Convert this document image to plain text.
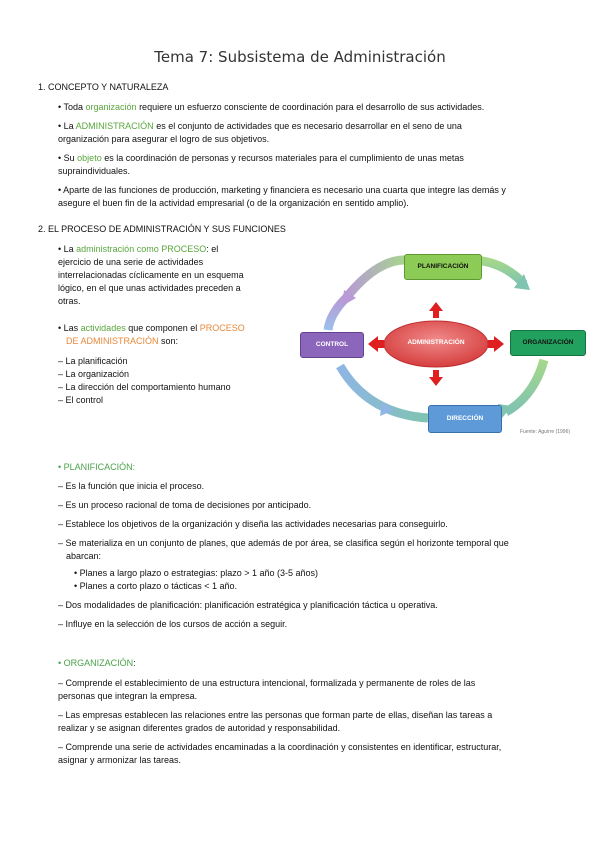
Tema 7: Subsistema de Administración
1. CONCEPTO Y NATURALEZA
• Toda organización requiere un esfuerzo consciente de coordinación para el desarrollo de sus actividades.
• La ADMINISTRACIÓN es el conjunto de actividades que es necesario desarrollar en el seno de una
organización para asegurar el logro de sus objetivos.
• Su objeto es la coordinación de personas y recursos materiales para el cumplimiento de unas metas
supraindividuales.
• Aparte de las funciones de producción, marketing y financiera es necesario una cuarta que integre las demás y
asegure el buen fin de la actividad empresarial (o de la organización en sentido amplio).
2. EL PROCESO DE ADMINISTRACIÓN Y SUS FUNCIONES
• La administración como PROCESO: el
ejercicio de una serie de actividades
interrelacionadas cíclicamente en un esquema
lógico, en el que unas actividades preceden a
otras.
• Las actividades que componen el PROCESO
DE ADMINISTRACIÓN son:
– La planificación
– La organización
– La dirección del comportamiento humano
– El control
ADMINISTRACIÓN
PLANIFICACIÓN
ORGANIZACIÓN
DIRECCIÓN
CONTROL
Fuente: Aguirre (1996)
• PLANIFICACIÓN:
– Es la función que inicia el proceso.
– Es un proceso racional de toma de decisiones por anticipado.
– Establece los objetivos de la organización y diseña las actividades necesarias para conseguirlo.
– Se materializa en un conjunto de planes, que además de por área, se clasifica según el horizonte temporal que
abarcan:
• Planes a largo plazo o estrategias: plazo > 1 año (3-5 años)
• Planes a corto plazo o tácticas < 1 año.
– Dos modalidades de planificación: planificación estratégica y planificación táctica u operativa.
– Influye en la selección de los cursos de acción a seguir.
• ORGANIZACIÓN:
– Comprende el establecimiento de una estructura intencional, formalizada y permanente de roles de las
personas que integran la empresa.
– Las empresas establecen las relaciones entre las personas que forman parte de ellas, diseñan las tareas a
realizar y se asignan diferentes grados de autoridad y responsabilidad.
– Comprende una serie de actividades encaminadas a la coordinación y consistentes en identificar, estructurar,
asignar y armonizar las tareas.
